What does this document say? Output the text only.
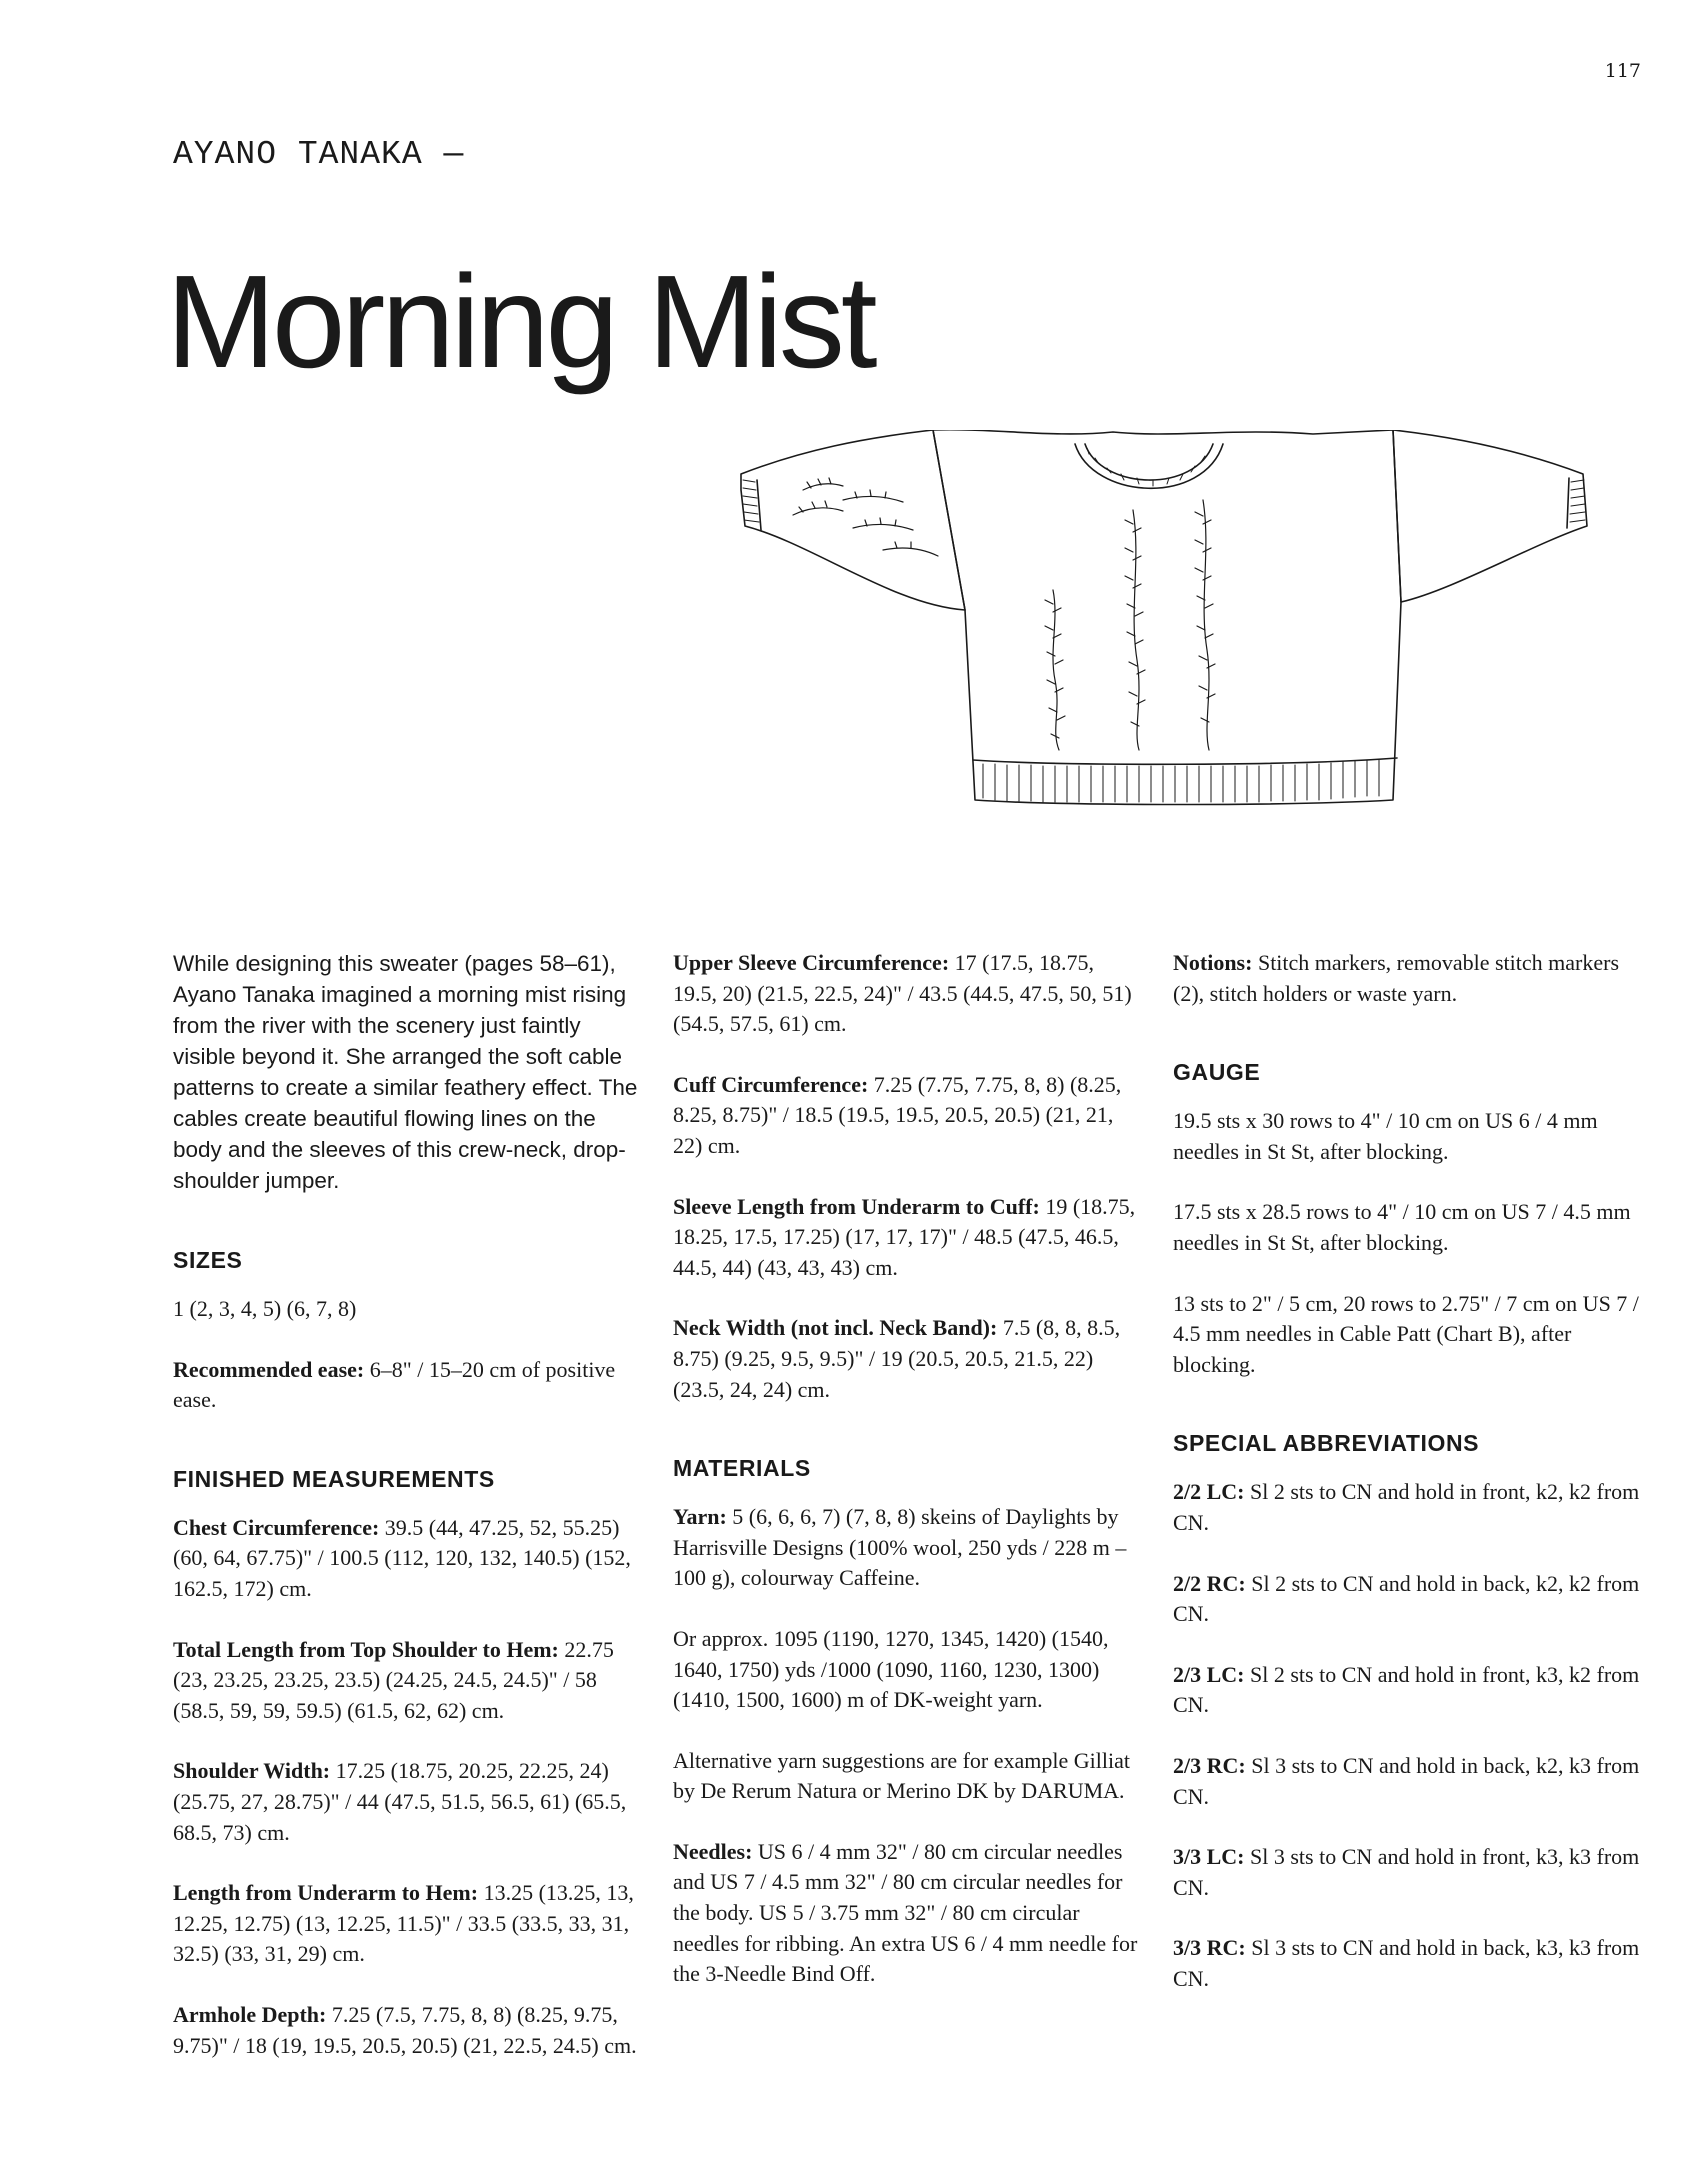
117
AYANO TANAKA —
Morning Mist

While designing this sweater (pages 58–61), Ayano Tanaka imagined a morning mist rising from the river with the scenery just faintly visible beyond it. She arranged the soft cable patterns to create a similar feathery effect. The cables create beautiful flowing lines on the body and the sleeves of this crew-neck, drop-shoulder jumper.

SIZES

1 (2, 3, 4, 5) (6, 7, 8)

Recommended ease: 6–8" / 15–20 cm of positive ease.

FINISHED MEASUREMENTS

Chest Circumference: 39.5 (44, 47.25, 52, 55.25) (60, 64, 67.75)" / 100.5 (112, 120, 132, 140.5) (152, 162.5, 172) cm.

Total Length from Top Shoulder to Hem: 22.75 (23, 23.25, 23.25, 23.5) (24.25, 24.5, 24.5)" / 58 (58.5, 59, 59, 59.5) (61.5, 62, 62) cm.

Shoulder Width: 17.25 (18.75, 20.25, 22.25, 24) (25.75, 27, 28.75)" / 44 (47.5, 51.5, 56.5, 61) (65.5, 68.5, 73) cm.

Length from Underarm to Hem: 13.25 (13.25, 13, 12.25, 12.75) (13, 12.25, 11.5)" / 33.5 (33.5, 33, 31, 32.5) (33, 31, 29) cm.

Armhole Depth: 7.25 (7.5, 7.75, 8, 8) (8.25, 9.75, 9.75)" / 18 (19, 19.5, 20.5, 20.5) (21, 22.5, 24.5) cm.

Upper Sleeve Circumference: 17 (17.5, 18.75, 19.5, 20) (21.5, 22.5, 24)" / 43.5 (44.5, 47.5, 50, 51) (54.5, 57.5, 61) cm.

Cuff Circumference: 7.25 (7.75, 7.75, 8, 8) (8.25, 8.25, 8.75)" / 18.5 (19.5, 19.5, 20.5, 20.5) (21, 21, 22) cm.

Sleeve Length from Underarm to Cuff: 19 (18.75, 18.25, 17.5, 17.25) (17, 17, 17)" / 48.5 (47.5, 46.5, 44.5, 44) (43, 43, 43) cm.

Neck Width (not incl. Neck Band): 7.5 (8, 8, 8.5, 8.75) (9.25, 9.5, 9.5)" / 19 (20.5, 20.5, 21.5, 22) (23.5, 24, 24) cm.

MATERIALS

Yarn: 5 (6, 6, 6, 7) (7, 8, 8) skeins of Daylights by Harrisville Designs (100% wool, 250 yds / 228 m – 100 g), colourway Caffeine.

Or approx. 1095 (1190, 1270, 1345, 1420) (1540, 1640, 1750) yds /1000 (1090, 1160, 1230, 1300) (1410, 1500, 1600) m of DK-weight yarn.

Alternative yarn suggestions are for example Gilliat by De Rerum Natura or Merino DK by DARUMA.

Needles: US 6 / 4 mm 32" / 80 cm circular needles and US 7 / 4.5 mm 32" / 80 cm circular needles for the body. US 5 / 3.75 mm 32" / 80 cm circular needles for ribbing. An extra US 6 / 4 mm needle for the 3-Needle Bind Off.

Notions: Stitch markers, removable stitch markers (2), stitch holders or waste yarn.

GAUGE

19.5 sts x 30 rows to 4" / 10 cm on US 6 / 4 mm needles in St St, after blocking.

17.5 sts x 28.5 rows to 4" / 10 cm on US 7 / 4.5 mm needles in St St, after blocking.

13 sts to 2" / 5 cm, 20 rows to 2.75" / 7 cm on US 7 / 4.5 mm needles in Cable Patt (Chart B), after blocking.

SPECIAL ABBREVIATIONS

2/2 LC: Sl 2 sts to CN and hold in front, k2, k2 from CN.

2/2 RC: Sl 2 sts to CN and hold in back, k2, k2 from CN.

2/3 LC: Sl 2 sts to CN and hold in front, k3, k2 from CN.

2/3 RC: Sl 3 sts to CN and hold in back, k2, k3 from CN.

3/3 LC: Sl 3 sts to CN and hold in front, k3, k3 from CN.

3/3 RC: Sl 3 sts to CN and hold in back, k3, k3 from CN.
